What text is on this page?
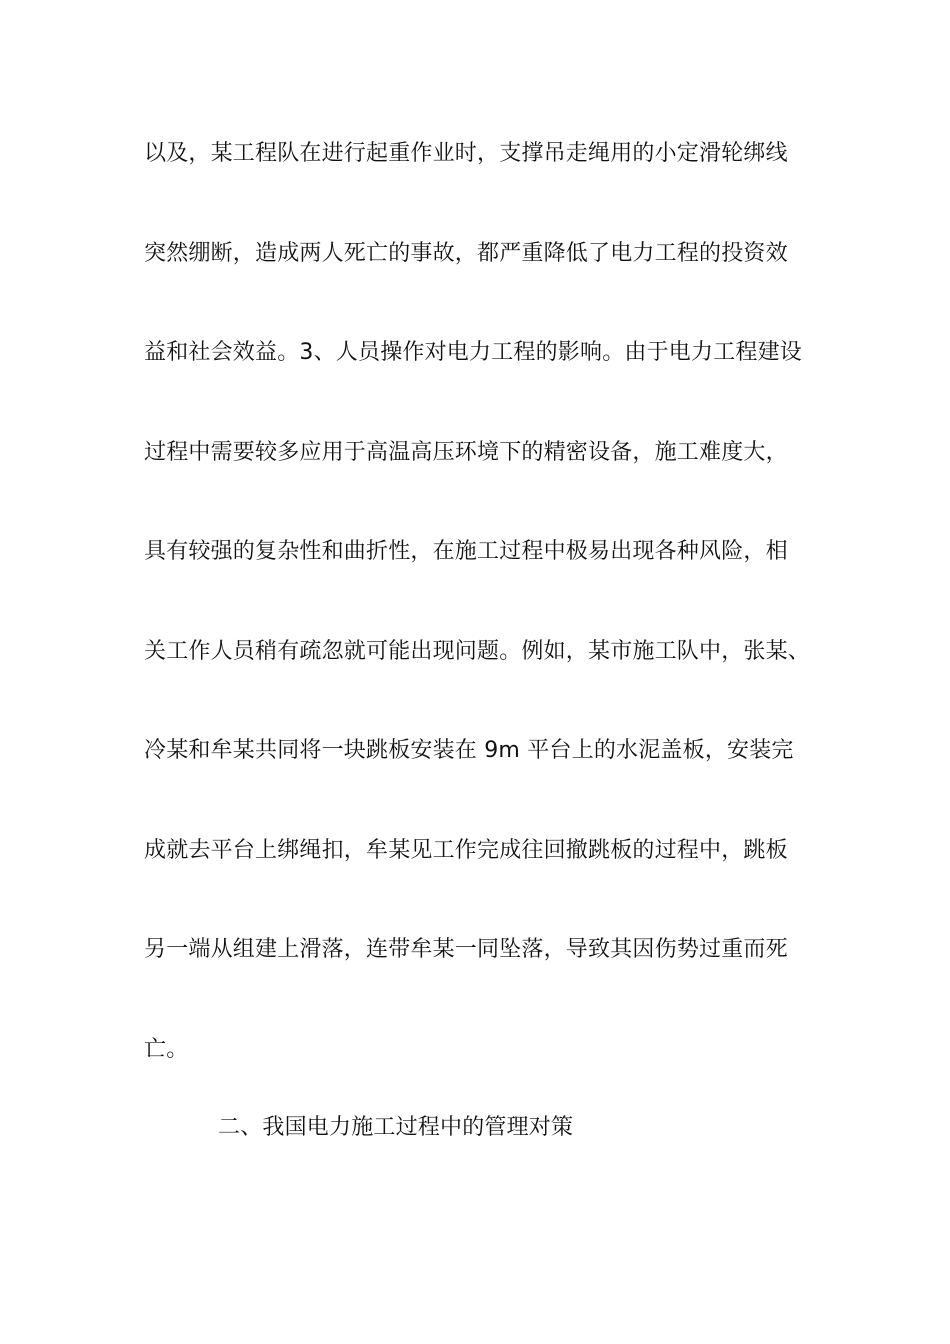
以及，某工程队在进行起重作业时，支撑吊走绳用的小定滑轮绑线
突然绷断，造成两人死亡的事故，都严重降低了电力工程的投资效
益和社会效益。3、人员操作对电力工程的影响。由于电力工程建设
过程中需要较多应用于高温高压环境下的精密设备，施工难度大，
具有较强的复杂性和曲折性，在施工过程中极易出现各种风险，相
关工作人员稍有疏忽就可能出现问题。例如，某市施工队中，张某、
冷某和牟某共同将一块跳板安装在 9m 平台上的水泥盖板，安装完
成就去平台上绑绳扣，牟某见工作完成往回撤跳板的过程中，跳板
另一端从组建上滑落，连带牟某一同坠落，导致其因伤势过重而死
亡。
二、我国电力施工过程中的管理对策
